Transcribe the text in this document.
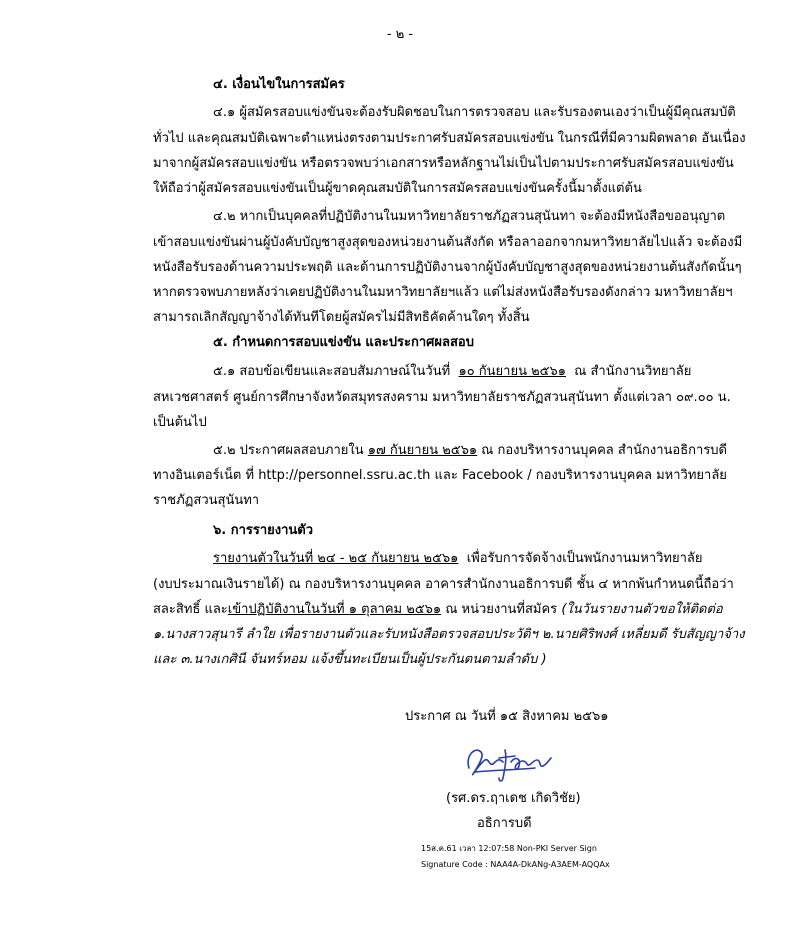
- ๒ -
๔. เงื่อนไขในการสมัคร
๔.๑ ผู้สมัครสอบแข่งขันจะต้องรับผิดชอบในการตรวจสอบ และรับรองตนเองว่าเป็นผู้มีคุณสมบัติ
ทั่วไป และคุณสมบัติเฉพาะตำแหน่งตรงตามประกาศรับสมัครสอบแข่งขัน ในกรณีที่มีความผิดพลาด อันเนื่อง
มาจากผู้สมัครสอบแข่งขัน หรือตรวจพบว่าเอกสารหรือหลักฐานไม่เป็นไปตามประกาศรับสมัครสอบแข่งขัน
ให้ถือว่าผู้สมัครสอบแข่งขันเป็นผู้ขาดคุณสมบัติในการสมัครสอบแข่งขันครั้งนี้มาตั้งแต่ต้น
๔.๒ หากเป็นบุคคลที่ปฏิบัติงานในมหาวิทยาลัยราชภัฏสวนสุนันทา จะต้องมีหนังสือขออนุญาต
เข้าสอบแข่งขันผ่านผู้บังคับบัญชาสูงสุดของหน่วยงานต้นสังกัด หรือลาออกจากมหาวิทยาลัยไปแล้ว จะต้องมี
หนังสือรับรองด้านความประพฤติ และด้านการปฏิบัติงานจากผู้บังคับบัญชาสูงสุดของหน่วยงานต้นสังกัดนั้นๆ
หากตรวจพบภายหลังว่าเคยปฏิบัติงานในมหาวิทยาลัยฯแล้ว แต่ไม่ส่งหนังสือรับรองดังกล่าว มหาวิทยาลัยฯ
สามารถเลิกสัญญาจ้างได้ทันทีโดยผู้สมัครไม่มีสิทธิคัดค้านใดๆ ทั้งสิ้น
๕. กำหนดการสอบแข่งขัน และประกาศผลสอบ
๕.๑ สอบข้อเขียนและสอบสัมภาษณ์ในวันที่ ๑๐ กันยายน ๒๕๖๑ ณ สำนักงานวิทยาลัย
สหเวชศาสตร์ ศูนย์การศึกษาจังหวัดสมุทรสงคราม มหาวิทยาลัยราชภัฏสวนสุนันทา ตั้งแต่เวลา ๐๙.๐๐ น.
เป็นต้นไป
๕.๒ ประกาศผลสอบภายใน ๑๗ กันยายน ๒๕๖๑ ณ กองบริหารงานบุคคล สำนักงานอธิการบดี
ทางอินเตอร์เน็ต ที่ http://personnel.ssru.ac.th และ Facebook / กองบริหารงานบุคคล มหาวิทยาลัย
ราชภัฏสวนสุนันทา
๖. การรายงานตัว
รายงานตัวในวันที่ ๒๔ - ๒๕ กันยายน ๒๕๖๑ เพื่อรับการจัดจ้างเป็นพนักงานมหาวิทยาลัย
(งบประมาณเงินรายได้) ณ กองบริหารงานบุคคล อาคารสำนักงานอธิการบดี ชั้น ๔ หากพ้นกำหนดนี้ถือว่า
สละสิทธิ์ และเข้าปฏิบัติงานในวันที่ ๑ ตุลาคม ๒๕๖๑ ณ หน่วยงานที่สมัคร (ในวันรายงานตัวขอให้ติดต่อ
๑.นางสาวสุนารี ลำใย เพื่อรายงานตัวและรับหนังสือตรวจสอบประวัติฯ ๒.นายศิริพงศ์ เหลี่ยมดี รับสัญญาจ้าง
และ ๓.นางเกศินี จันทร์หอม แจ้งขึ้นทะเบียนเป็นผู้ประกันตนตามลำดับ )
ประกาศ ณ วันที่ ๑๕ สิงหาคม ๒๕๖๑
(รศ.ดร.ฤาเดช เกิดวิชัย)
อธิการบดี
15ส.ค.61 เวลา 12:07:58 Non-PKI Server Sign
Signature Code : NAA4A-DkANg-A3AEM-AQQAx
